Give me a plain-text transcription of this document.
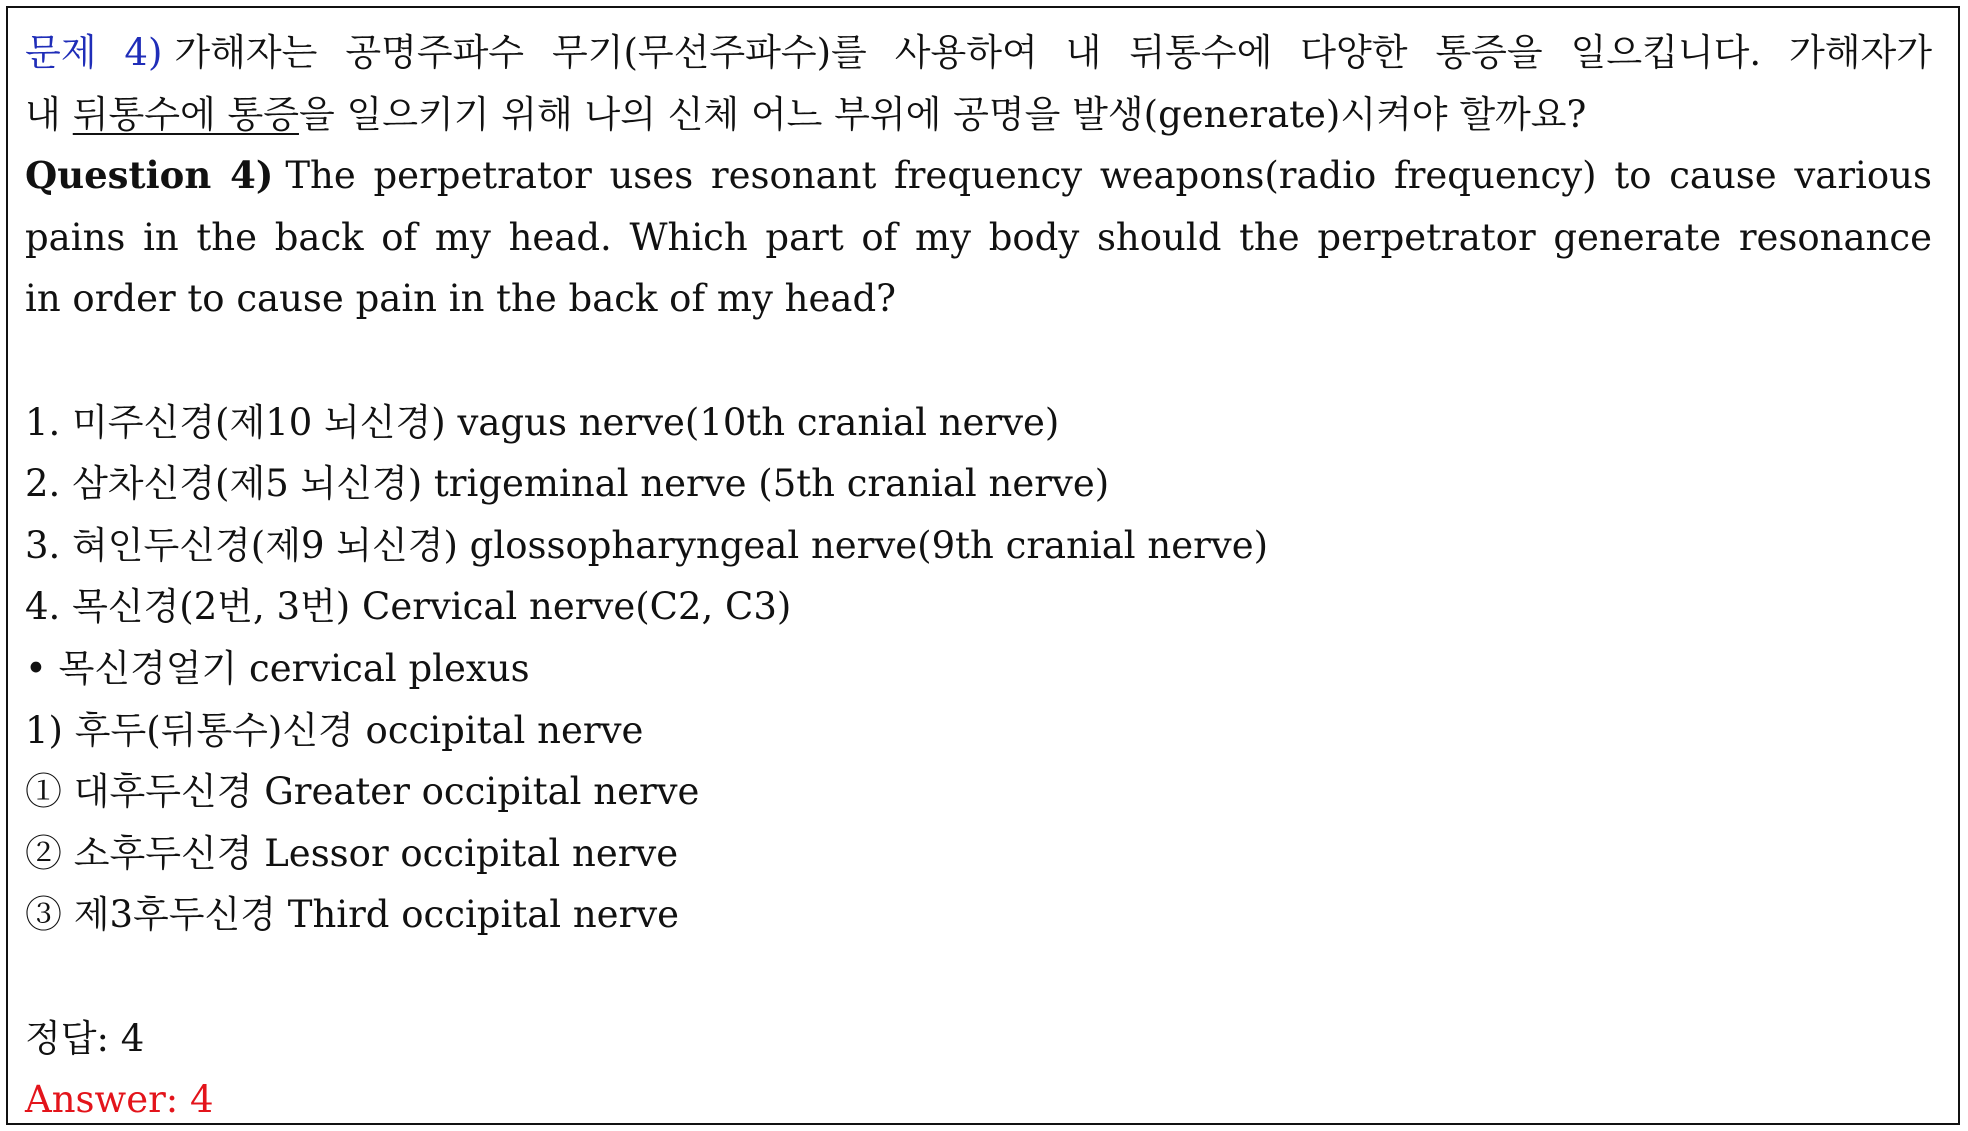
문제 4) 가해자는 공명주파수 무기(무선주파수)를 사용하여 내 뒤통수에 다양한 통증을 일으킵니다. 가해자가
내 뒤통수에 통증을 일으키기 위해 나의 신체 어느 부위에 공명을 발생(generate)시켜야 할까요?
Question 4) The perpetrator uses resonant frequency weapons(radio frequency) to cause various
pains in the back of my head. Which part of my body should the perpetrator generate resonance
in order to cause pain in the back of my head?
1. 미주신경(제10 뇌신경) vagus nerve(10th cranial nerve)
2. 삼차신경(제5 뇌신경) trigeminal nerve (5th cranial nerve)
3. 혀인두신경(제9 뇌신경) glossopharyngeal nerve(9th cranial nerve)
4. 목신경(2번, 3번) Cervical nerve(C2, C3)
• 목신경얼기 cervical plexus
1) 후두(뒤통수)신경 occipital nerve
① 대후두신경 Greater occipital nerve
② 소후두신경 Lessor occipital nerve
③ 제3후두신경 Third occipital nerve
정답: 4
Answer: 4
